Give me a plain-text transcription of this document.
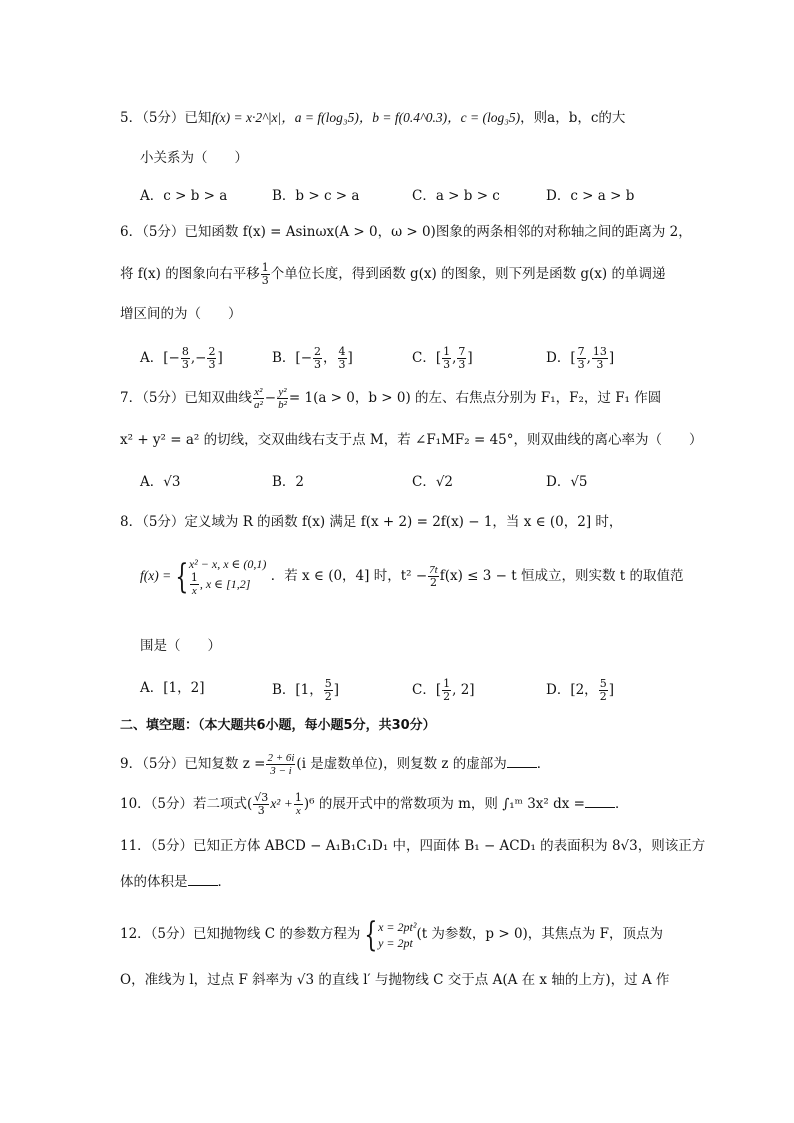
5．（5分）已知f(x) = x·2^|x|，a = f(log₃5)，b = f(0.4^0.3)，c = (log₃5)，则a，b，c的大
小关系为（　　）
A．c > b > a	B．b > c > a	C．a > b > c	D．c > a > b
6．（5分）已知函数 f(x) = Asinωx(A > 0，ω > 0)图象的两条相邻的对称轴之间的距离为 2，
将 f(x) 的图象向右平移 $\frac{1}{3}$ 个单位长度，得到函数 g(x) 的图象，则下列是函数 g(x) 的单调递
增区间的为（　　）
A．[− $\frac{8}{3}$ ,− $\frac{2}{3}$ ]	B．[− $\frac{2}{3}$ ， $\frac{4}{3}$ ]	C．[ $\frac{1}{3}$ , $\frac{7}{3}$ ]	D．[ $\frac{7}{3}$ , $\frac{13}{3}$ ]
7．（5分）已知双曲线 $\frac{\text{x²}}{\text{a²}} - \frac{\text{y²}}{\text{b²}} = 1(a > 0$，b > 0) 的左、右焦点分别为 F₁，F₂，过 F₁ 作圆
x² + y² = a² 的切线，交双曲线右支于点 M，若 ∠F₁MF₂ = 45°，则双曲线的离心率为（　　）
A．√3	B．2	C．√2	D．√5
8．（5分）定义域为 R 的函数 f(x) 满足 f(x + 2) = 2f(x) − 1，当 x ∈ (0，2] 时，
f(x) = { x² − x, x ∈ (0,1)
$\frac{1}{x}$ , x ∈ [1,2]	．若 x ∈ (0，4] 时，$t^2 - \frac{7t}{2} f(x) \le 3 - t$ 恒成立，则实数 t 的取值范
围是（　　）
A．[1，2]	B．[1， $\frac{5}{2}$ ]	C．[ $\frac{1}{2}$ , 2]	D．[2， $\frac{5}{2}$ ]
二、填空题：（本大题共6小题，每小题5分，共30分）
9．（5分）已知复数 $z = \frac{2 + 6i}{3 - i} (i$ 是虚数单位)，则复数 z 的虚部为 ．
10．（5分）若二项式( $\frac{√3}{3} x^2 + \frac{1}{x} )^6$ 的展开式中的常数项为 m，则 ∫₁ᵐ 3x² dx = ．
11．（5分）已知正方体 ABCD − A₁B₁C₁D₁ 中，四面体 B₁ − ACD₁ 的表面积为 8√3，则该正方
体的体积是 ．
12．（5分）已知抛物线 C 的参数方程为 { x = 2pt²
y = 2pt
(t 为参数，p > 0)，其焦点为 F，顶点为
O，准线为 l，过点 F 斜率为 √3 的直线 l′ 与抛物线 C 交于点 A(A 在 x 轴的上方)，过 A 作
